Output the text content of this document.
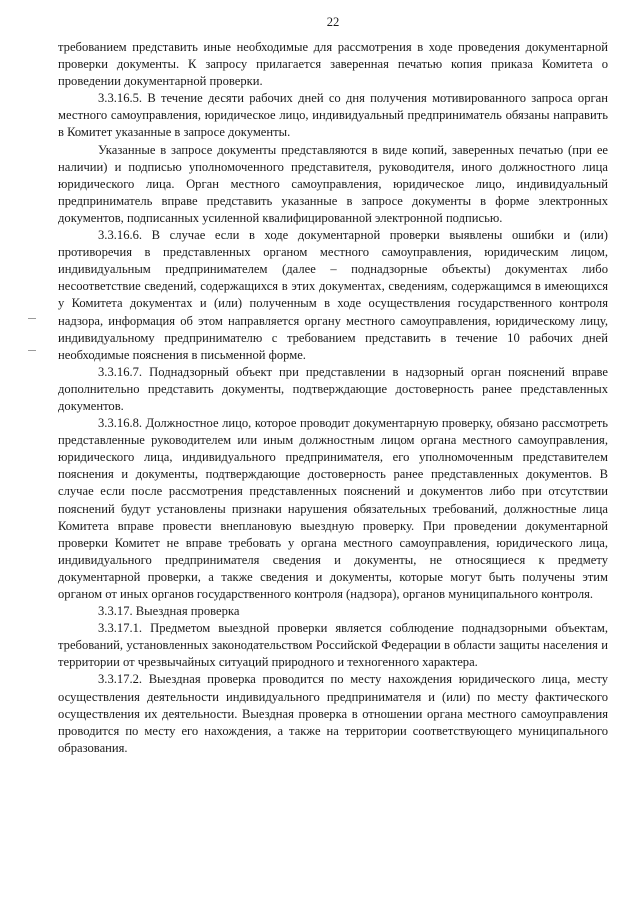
22

требованием представить иные необходимые для рассмотрения в ходе проведения документарной проверки документы. К запросу прилагается заверенная печатью копия приказа Комитета о проведении документарной проверки.

3.3.16.5. В течение десяти рабочих дней со дня получения мотивированного запроса орган местного самоуправления, юридическое лицо, индивидуальный предприниматель обязаны направить в Комитет указанные в запросе документы.

Указанные в запросе документы представляются в виде копий, заверенных печатью (при ее наличии) и подписью уполномоченного представителя, руководителя, иного должностного лица юридического лица. Орган местного самоуправления, юридическое лицо, индивидуальный предприниматель вправе представить указанные в запросе документы в форме электронных документов, подписанных усиленной квалифицированной электронной подписью.

3.3.16.6. В случае если в ходе документарной проверки выявлены ошибки и (или) противоречия в представленных органом местного самоуправления, юридическим лицом, индивидуальным предпринимателем (далее – поднадзорные объекты) документах либо несоответствие сведений, содержащихся в этих документах, сведениям, содержащимся в имеющихся у Комитета документах и (или) полученным в ходе осуществления государственного контроля надзора, информация об этом направляется органу местного самоуправления, юридическому лицу, индивидуальному предпринимателю с требованием представить в течение 10 рабочих дней необходимые пояснения в письменной форме.

3.3.16.7. Поднадзорный объект при представлении в надзорный орган пояснений вправе дополнительно представить документы, подтверждающие достоверность ранее представленных документов.

3.3.16.8. Должностное лицо, которое проводит документарную проверку, обязано рассмотреть представленные руководителем или иным должностным лицом органа местного самоуправления, юридического лица, индивидуального предпринимателя, его уполномоченным представителем пояснения и документы, подтверждающие достоверность ранее представленных документов. В случае если после рассмотрения представленных пояснений и документов либо при отсутствии пояснений будут установлены признаки нарушения обязательных требований, должностные лица Комитета вправе провести внеплановую выездную проверку. При проведении документарной проверки Комитет не вправе требовать у органа местного самоуправления, юридического лица, индивидуального предпринимателя сведения и документы, не относящиеся к предмету документарной проверки, а также сведения и документы, которые могут быть получены этим органом от иных органов государственного контроля (надзора), органов муниципального контроля.

3.3.17. Выездная проверка

3.3.17.1. Предметом выездной проверки является соблюдение поднадзорными объектам, требований, установленных законодательством Российской Федерации в области защиты населения и территории от чрезвычайных ситуаций природного и техногенного характера.

3.3.17.2. Выездная проверка проводится по месту нахождения юридического лица, месту осуществления деятельности индивидуального предпринимателя и (или) по месту фактического осуществления их деятельности. Выездная проверка в отношении органа местного самоуправления проводится по месту его нахождения, а также на территории соответствующего муниципального образования.
